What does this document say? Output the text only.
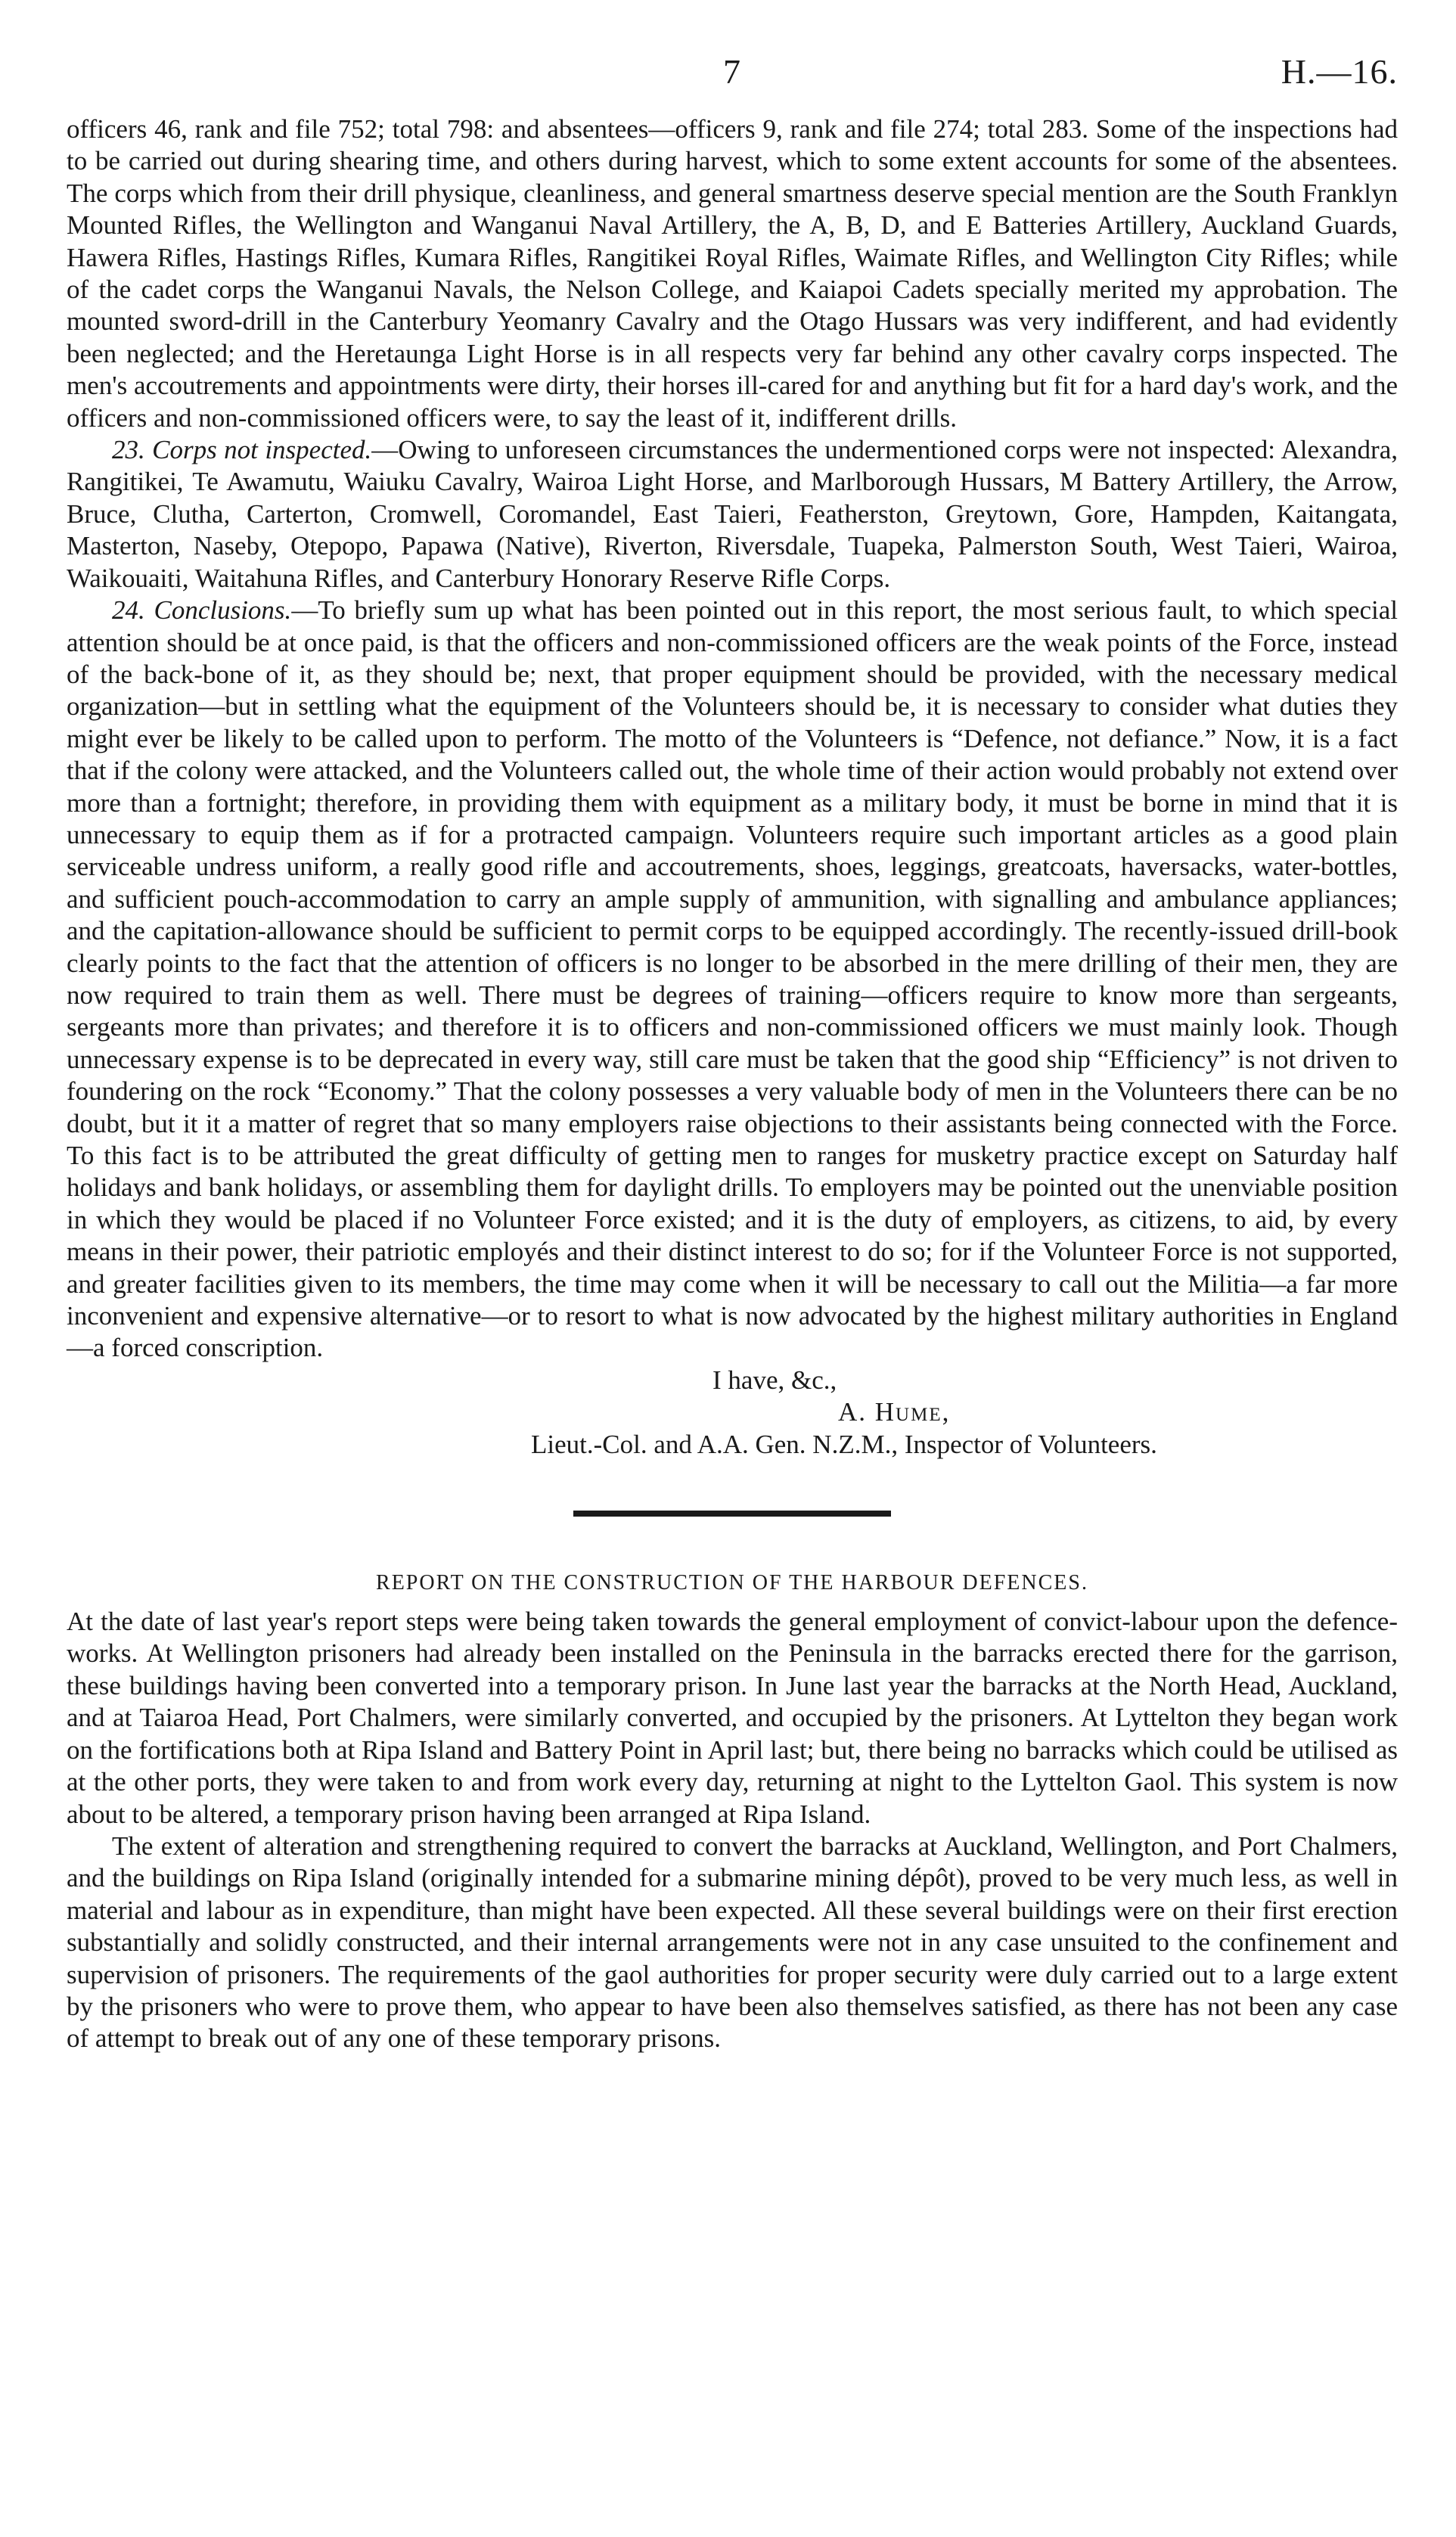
7	H.—16.

officers 46, rank and file 752; total 798: and absentees—officers 9, rank and file 274; total 283. Some of the inspections had to be carried out during shearing time, and others during harvest, which to some extent accounts for some of the absentees. The corps which from their drill physique, cleanliness, and general smartness deserve special mention are the South Franklyn Mounted Rifles, the Wellington and Wanganui Naval Artillery, the A, B, D, and E Batteries Artillery, Auckland Guards, Hawera Rifles, Hastings Rifles, Kumara Rifles, Rangitikei Royal Rifles, Waimate Rifles, and Wellington City Rifles; while of the cadet corps the Wanganui Navals, the Nelson College, and Kaiapoi Cadets specially merited my approbation. The mounted sword-drill in the Canterbury Yeomanry Cavalry and the Otago Hussars was very indifferent, and had evidently been neglected; and the Heretaunga Light Horse is in all respects very far behind any other cavalry corps inspected. The men's accoutrements and appointments were dirty, their horses ill-cared for and anything but fit for a hard day's work, and the officers and non-commissioned officers were, to say the least of it, indifferent drills.

23. Corps not inspected.—Owing to unforeseen circumstances the undermentioned corps were not inspected: Alexandra, Rangitikei, Te Awamutu, Waiuku Cavalry, Wairoa Light Horse, and Marlborough Hussars, M Battery Artillery, the Arrow, Bruce, Clutha, Carterton, Cromwell, Coromandel, East Taieri, Featherston, Greytown, Gore, Hampden, Kaitangata, Masterton, Naseby, Otepopo, Papawa (Native), Riverton, Riversdale, Tuapeka, Palmerston South, West Taieri, Wairoa, Waikouaiti, Waitahuna Rifles, and Canterbury Honorary Reserve Rifle Corps.

24. Conclusions.—To briefly sum up what has been pointed out in this report, the most serious fault, to which special attention should be at once paid, is that the officers and non-commissioned officers are the weak points of the Force, instead of the back-bone of it, as they should be; next, that proper equipment should be provided, with the necessary medical organization—but in settling what the equipment of the Volunteers should be, it is necessary to consider what duties they might ever be likely to be called upon to perform. The motto of the Volunteers is “Defence, not defiance.” Now, it is a fact that if the colony were attacked, and the Volunteers called out, the whole time of their action would probably not extend over more than a fortnight; therefore, in providing them with equipment as a military body, it must be borne in mind that it is unnecessary to equip them as if for a protracted campaign. Volunteers require such important articles as a good plain serviceable undress uniform, a really good rifle and accoutrements, shoes, leggings, greatcoats, haversacks, water-bottles, and sufficient pouch-accommodation to carry an ample supply of ammunition, with signalling and ambulance appliances; and the capitation-allowance should be sufficient to permit corps to be equipped accordingly. The recently-issued drill-book clearly points to the fact that the attention of officers is no longer to be absorbed in the mere drilling of their men, they are now required to train them as well. There must be degrees of training—officers require to know more than sergeants, sergeants more than privates; and therefore it is to officers and non-commissioned officers we must mainly look. Though unnecessary expense is to be deprecated in every way, still care must be taken that the good ship “Efficiency” is not driven to foundering on the rock “Economy.” That the colony possesses a very valuable body of men in the Volunteers there can be no doubt, but it it a matter of regret that so many employers raise objections to their assistants being connected with the Force. To this fact is to be attributed the great difficulty of getting men to ranges for musketry practice except on Saturday half holidays and bank holidays, or assembling them for daylight drills. To employers may be pointed out the unenviable position in which they would be placed if no Volunteer Force existed; and it is the duty of employers, as citizens, to aid, by every means in their power, their patriotic employés and their distinct interest to do so; for if the Volunteer Force is not supported, and greater facilities given to its members, the time may come when it will be necessary to call out the Militia—a far more inconvenient and expensive alternative—or to resort to what is now advocated by the highest military authorities in England—a forced conscription.

I have, &c.,
A. Hume,
Lieut.-Col. and A.A. Gen. N.Z.M., Inspector of Volunteers.
REPORT ON THE CONSTRUCTION OF THE HARBOUR DEFENCES.

At the date of last year's report steps were being taken towards the general employment of convict-labour upon the defence-works. At Wellington prisoners had already been installed on the Peninsula in the barracks erected there for the garrison, these buildings having been converted into a temporary prison. In June last year the barracks at the North Head, Auckland, and at Taiaroa Head, Port Chalmers, were similarly converted, and occupied by the prisoners. At Lyttelton they began work on the fortifications both at Ripa Island and Battery Point in April last; but, there being no barracks which could be utilised as at the other ports, they were taken to and from work every day, returning at night to the Lyttelton Gaol. This system is now about to be altered, a temporary prison having been arranged at Ripa Island.

The extent of alteration and strengthening required to convert the barracks at Auckland, Wellington, and Port Chalmers, and the buildings on Ripa Island (originally intended for a submarine mining dépôt), proved to be very much less, as well in material and labour as in expenditure, than might have been expected. All these several buildings were on their first erection substantially and solidly constructed, and their internal arrangements were not in any case unsuited to the confinement and supervision of prisoners. The requirements of the gaol authorities for proper security were duly carried out to a large extent by the prisoners who were to prove them, who appear to have been also themselves satisfied, as there has not been any case of attempt to break out of any one of these temporary prisons.
